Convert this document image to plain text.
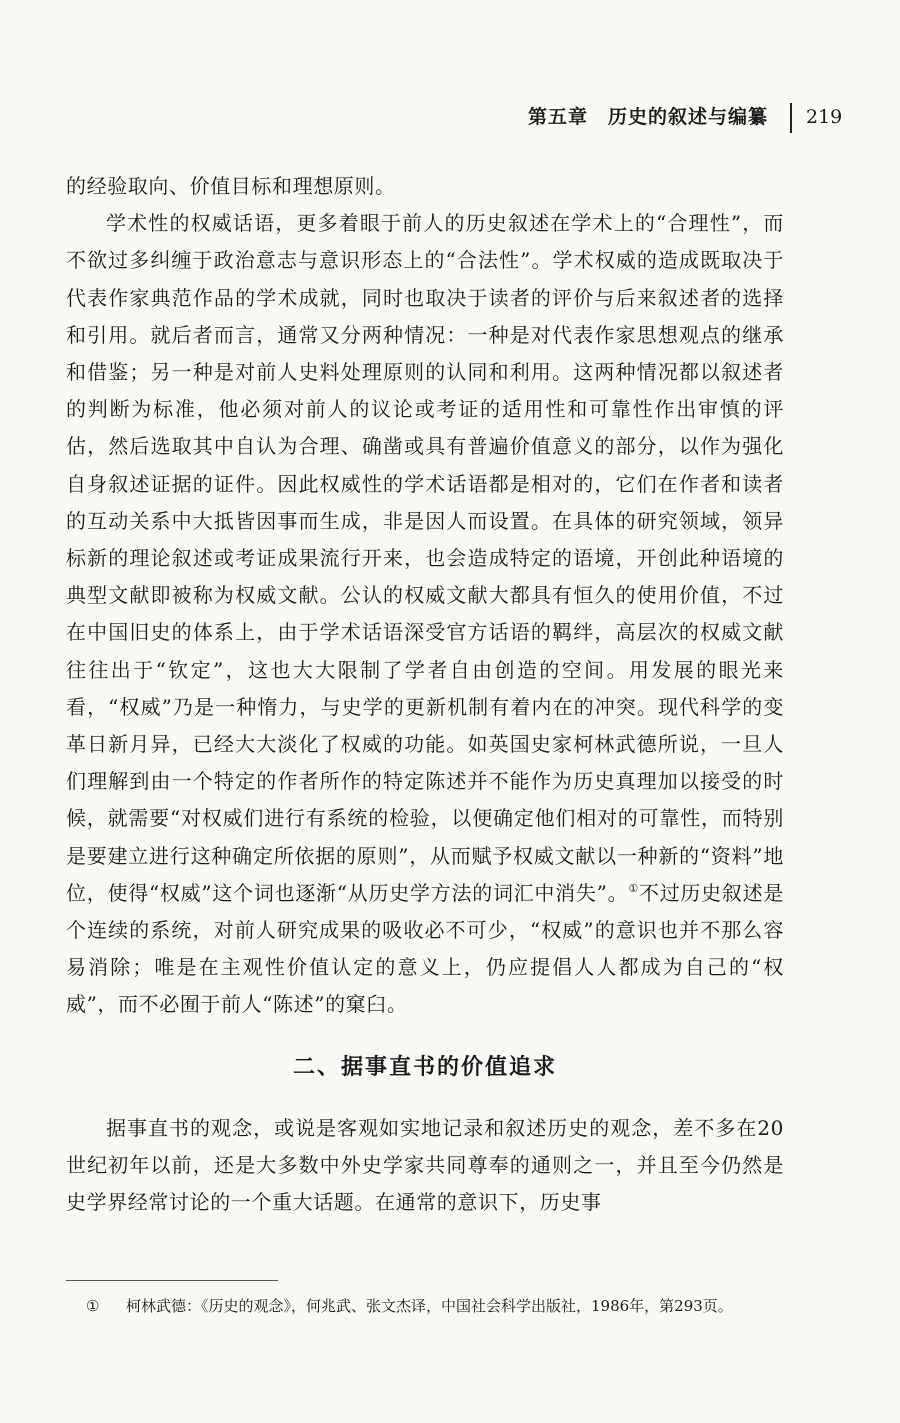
第五章　历史的叙述与编纂 219

的经验取向、价值目标和理想原则。

学术性的权威话语，更多着眼于前人的历史叙述在学术上的“合理性”，而不欲过多纠缠于政治意志与意识形态上的“合法性”。学术权威的造成既取决于代表作家典范作品的学术成就，同时也取决于读者的评价与后来叙述者的选择和引用。就后者而言，通常又分两种情况：一种是对代表作家思想观点的继承和借鉴；另一种是对前人史料处理原则的认同和利用。这两种情况都以叙述者的判断为标准，他必须对前人的议论或考证的适用性和可靠性作出审慎的评估，然后选取其中自认为合理、确凿或具有普遍价值意义的部分，以作为强化自身叙述证据的证件。因此权威性的学术话语都是相对的，它们在作者和读者的互动关系中大抵皆因事而生成，非是因人而设置。在具体的研究领域，领异标新的理论叙述或考证成果流行开来，也会造成特定的语境，开创此种语境的典型文献即被称为权威文献。公认的权威文献大都具有恒久的使用价值，不过在中国旧史的体系上，由于学术话语深受官方话语的羁绊，高层次的权威文献往往出于“钦定”，这也大大限制了学者自由创造的空间。用发展的眼光来看，“权威”乃是一种惰力，与史学的更新机制有着内在的冲突。现代科学的变革日新月异，已经大大淡化了权威的功能。如英国史家柯林武德所说，一旦人们理解到由一个特定的作者所作的特定陈述并不能作为历史真理加以接受的时候，就需要“对权威们进行有系统的检验，以便确定他们相对的可靠性，而特别是要建立进行这种确定所依据的原则”，从而赋予权威文献以一种新的“资料”地位，使得“权威”这个词也逐渐“从历史学方法的词汇中消失”。①不过历史叙述是个连续的系统，对前人研究成果的吸收必不可少，“权威”的意识也并不那么容易消除；唯是在主观性价值认定的意义上，仍应提倡人人都成为自己的“权威”，而不必囿于前人“陈述”的窠臼。

二、据事直书的价值追求

据事直书的观念，或说是客观如实地记录和叙述历史的观念，差不多在20世纪初年以前，还是大多数中外史学家共同尊奉的通则之一，并且至今仍然是史学界经常讨论的一个重大话题。在通常的意识下，历史事

① 柯林武德：《历史的观念》，何兆武、张文杰译，中国社会科学出版社，1986年，第293页。
